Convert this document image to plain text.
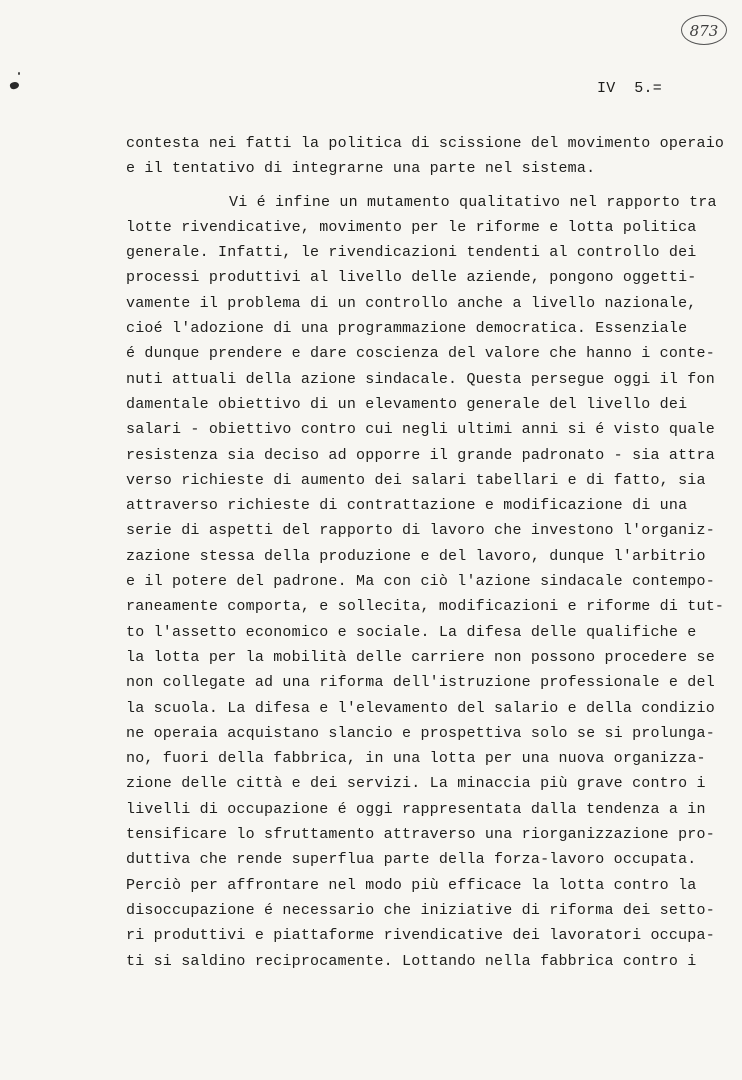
873
IV  5.=
contesta nei fatti la politica di scissione del movimento operaio
e il tentativo di integrarne una parte nel sistema.
Vi é infine un mutamento qualitativo nel rapporto tra
lotte rivendicative, movimento per le riforme e lotta politica
generale. Infatti, le rivendicazioni tendenti al controllo dei
processi produttivi al livello delle aziende, pongono oggetti-
vamente il problema di un controllo anche a livello nazionale,
cioé l'adozione di una programmazione democratica. Essenziale
é dunque prendere e dare coscienza del valore che hanno i conte-
nuti attuali della azione sindacale. Questa persegue oggi il fon
damentale obiettivo di un elevamento generale del livello dei
salari - obiettivo contro cui negli ultimi anni si é visto quale
resistenza sia deciso ad opporre il grande padronato - sia attra
verso richieste di aumento dei salari tabellari e di fatto, sia
attraverso richieste di contrattazione e modificazione di una
serie di aspetti del rapporto di lavoro che investono l'organiz-
zazione stessa della produzione e del lavoro, dunque l'arbitrio
e il potere del padrone. Ma con ciò l'azione sindacale contempo-
raneamente comporta, e sollecita, modificazioni e riforme di tut-
to l'assetto economico e sociale. La difesa delle qualifiche e
la lotta per la mobilità delle carriere non possono procedere se
non collegate ad una riforma dell'istruzione professionale e del
la scuola. La difesa e l'elevamento del salario e della condizio
ne operaia acquistano slancio e prospettiva solo se si prolunga-
no, fuori della fabbrica, in una lotta per una nuova organizza-
zione delle città e dei servizi. La minaccia più grave contro i
livelli di occupazione é oggi rappresentata dalla tendenza a in
tensificare lo sfruttamento attraverso una riorganizzazione pro-
duttiva che rende superflua parte della forza-lavoro occupata.
Perciò per affrontare nel modo più efficace la lotta contro la
disoccupazione é necessario che iniziative di riforma dei setto-
ri produttivi e piattaforme rivendicative dei lavoratori occupa-
ti si saldino reciprocamente. Lottando nella fabbrica contro i
